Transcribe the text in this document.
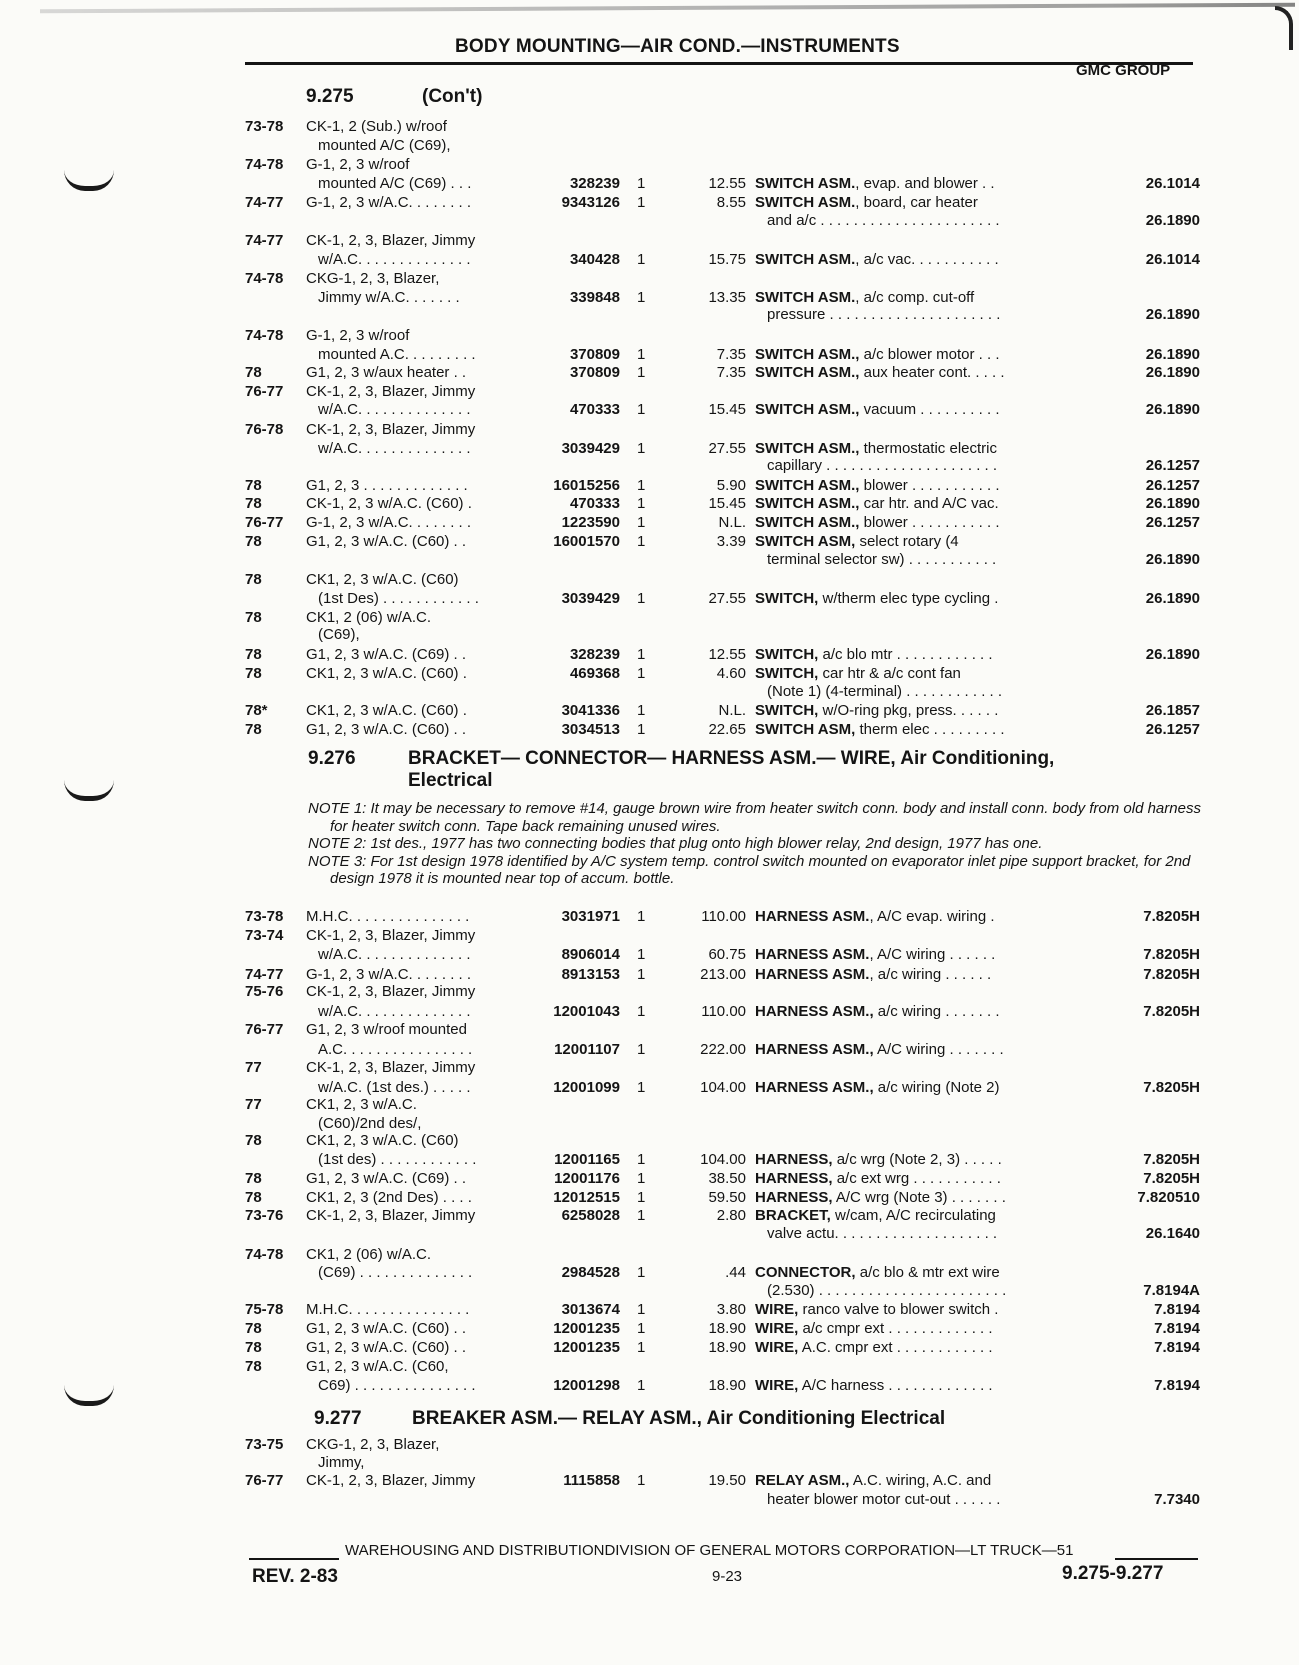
BODY MOUNTING—AIR COND.—INSTRUMENTS
GMC GROUP
9.275	(Con't)
9.276	BRACKET— CONNECTOR— HARNESS ASM.— WIRE, Air Conditioning,
Electrical

NOTE 1: It may be necessary to remove #14, gauge brown wire from heater switch conn. body and install conn. body from old harness for heater switch conn. Tape back remaining unused wires.

NOTE 2: 1st des., 1977 has two connecting bodies that plug onto high blower relay, 2nd design, 1977 has one.

NOTE 3: For 1st design 1978 identified by A/C system temp. control switch mounted on evaporator inlet pipe support bracket, for 2nd design 1978 it is mounted near top of accum. bottle.

9.277	BREAKER ASM.— RELAY ASM., Air Conditioning Electrical
73-78 CK-1, 2 (Sub.) w/roof
mounted A/C (C69),
74-78 G-1, 2, 3 w/roof
mounted A/C (C69) . . .	328239 1	12.55 SWITCH ASM., evap. and blower . .	26.1014
74-77 G-1, 2, 3 w/A.C. . . . . . . .	9343126 1	8.55 SWITCH ASM., board, car heater
and a/c . . . . . . . . . . . . . . . . . . . . . .	26.1890
74-77 CK-1, 2, 3, Blazer, Jimmy
w/A.C. . . . . . . . . . . . . .	340428 1	15.75 SWITCH ASM., a/c vac. . . . . . . . . . .	26.1014
74-78 CKG-1, 2, 3, Blazer,
Jimmy w/A.C. . . . . . .	339848 1	13.35 SWITCH ASM., a/c comp. cut-off
pressure . . . . . . . . . . . . . . . . . . . . .	26.1890
74-78 G-1, 2, 3 w/roof
mounted A.C. . . . . . . . .	370809 1	7.35 SWITCH ASM., a/c blower motor . . .	26.1890
78	G1, 2, 3 w/aux heater . .	370809 1	7.35 SWITCH ASM., aux heater cont. . . . .	26.1890
76-77 CK-1, 2, 3, Blazer, Jimmy
w/A.C. . . . . . . . . . . . . .	470333 1	15.45 SWITCH ASM., vacuum . . . . . . . . . .	26.1890
76-78 CK-1, 2, 3, Blazer, Jimmy
w/A.C. . . . . . . . . . . . . .	3039429 1	27.55 SWITCH ASM., thermostatic electric
capillary . . . . . . . . . . . . . . . . . . . . .	26.1257
78	G1, 2, 3 . . . . . . . . . . . . .	16015256 1	5.90 SWITCH ASM., blower . . . . . . . . . . .	26.1257
78	CK-1, 2, 3 w/A.C. (C60) .	470333 1	15.45 SWITCH ASM., car htr. and A/C vac.	26.1890
76-77 G-1, 2, 3 w/A.C. . . . . . . .	1223590 1	N.L. SWITCH ASM., blower . . . . . . . . . . .	26.1257
78	G1, 2, 3 w/A.C. (C60) . .	16001570 1	3.39 SWITCH ASM, select rotary (4
terminal selector sw) . . . . . . . . . . .	26.1890
78	CK1, 2, 3 w/A.C. (C60)
(1st Des) . . . . . . . . . . . .	3039429 1	27.55 SWITCH, w/therm elec type cycling .	26.1890
78	CK1, 2 (06) w/A.C.
(C69),
78	G1, 2, 3 w/A.C. (C69) . .	328239 1	12.55 SWITCH, a/c blo mtr . . . . . . . . . . . .	26.1890
78	CK1, 2, 3 w/A.C. (C60) .	469368 1	4.60 SWITCH, car htr & a/c cont fan
(Note 1) (4-terminal) . . . . . . . . . . . .
78*	CK1, 2, 3 w/A.C. (C60) .	3041336 1	N.L. SWITCH, w/O-ring pkg, press. . . . . .	26.1857
78	G1, 2, 3 w/A.C. (C60) . .	3034513 1	22.65 SWITCH ASM, therm elec . . . . . . . . .	26.1257
73-78 M.H.C. . . . . . . . . . . . . . .	3031971 1	110.00 HARNESS ASM., A/C evap. wiring .	7.8205H
73-74 CK-1, 2, 3, Blazer, Jimmy
w/A.C. . . . . . . . . . . . . .	8906014 1	60.75 HARNESS ASM., A/C wiring . . . . . .	7.8205H
74-77 G-1, 2, 3 w/A.C. . . . . . . .	8913153 1	213.00 HARNESS ASM., a/c wiring . . . . . .	7.8205H
75-76 CK-1, 2, 3, Blazer, Jimmy
w/A.C. . . . . . . . . . . . . .	12001043 1	110.00 HARNESS ASM., a/c wiring . . . . . . .	7.8205H
76-77 G1, 2, 3 w/roof mounted
A.C. . . . . . . . . . . . . . . .	12001107 1	222.00 HARNESS ASM., A/C wiring . . . . . . .
77	CK-1, 2, 3, Blazer, Jimmy
w/A.C. (1st des.) . . . . .	12001099 1	104.00 HARNESS ASM., a/c wiring (Note 2)	7.8205H
77	CK1, 2, 3 w/A.C.
(C60)/2nd des/,
78	CK1, 2, 3 w/A.C. (C60)
(1st des) . . . . . . . . . . . .	12001165 1	104.00 HARNESS, a/c wrg (Note 2, 3) . . . . .	7.8205H
78	G1, 2, 3 w/A.C. (C69) . .	12001176 1	38.50 HARNESS, a/c ext wrg . . . . . . . . . . .	7.8205H
78	CK1, 2, 3 (2nd Des) . . . .	12012515 1	59.50 HARNESS, A/C wrg (Note 3) . . . . . . .	7.820510
73-76 CK-1, 2, 3, Blazer, Jimmy	6258028 1	2.80 BRACKET, w/cam, A/C recirculating
valve actu. . . . . . . . . . . . . . . . . . . .	26.1640
74-78 CK1, 2 (06) w/A.C.
(C69) . . . . . . . . . . . . . .	2984528 1	.44 CONNECTOR, a/c blo & mtr ext wire
(2.530) . . . . . . . . . . . . . . . . . . . . . . .	7.8194A
75-78 M.H.C. . . . . . . . . . . . . . .	3013674 1	3.80 WIRE, ranco valve to blower switch .	7.8194
78	G1, 2, 3 w/A.C. (C60) . .	12001235 1	18.90 WIRE, a/c cmpr ext . . . . . . . . . . . . .	7.8194
78	G1, 2, 3 w/A.C. (C60) . .	12001235 1	18.90 WIRE, A.C. cmpr ext . . . . . . . . . . . .	7.8194
78	G1, 2, 3 w/A.C. (C60,
C69) . . . . . . . . . . . . . . .	12001298 1	18.90 WIRE, A/C harness . . . . . . . . . . . . .	7.8194
73-75 CKG-1, 2, 3, Blazer,
Jimmy,
76-77 CK-1, 2, 3, Blazer, Jimmy	1115858 1	19.50 RELAY ASM., A.C. wiring, A.C. and
heater blower motor cut-out . . . . . .	7.7340
WAREHOUSING AND DISTRIBUTIONDIVISION OF GENERAL MOTORS CORPORATION—LT TRUCK—51
REV. 2-83	9-23	9.275-9.277
